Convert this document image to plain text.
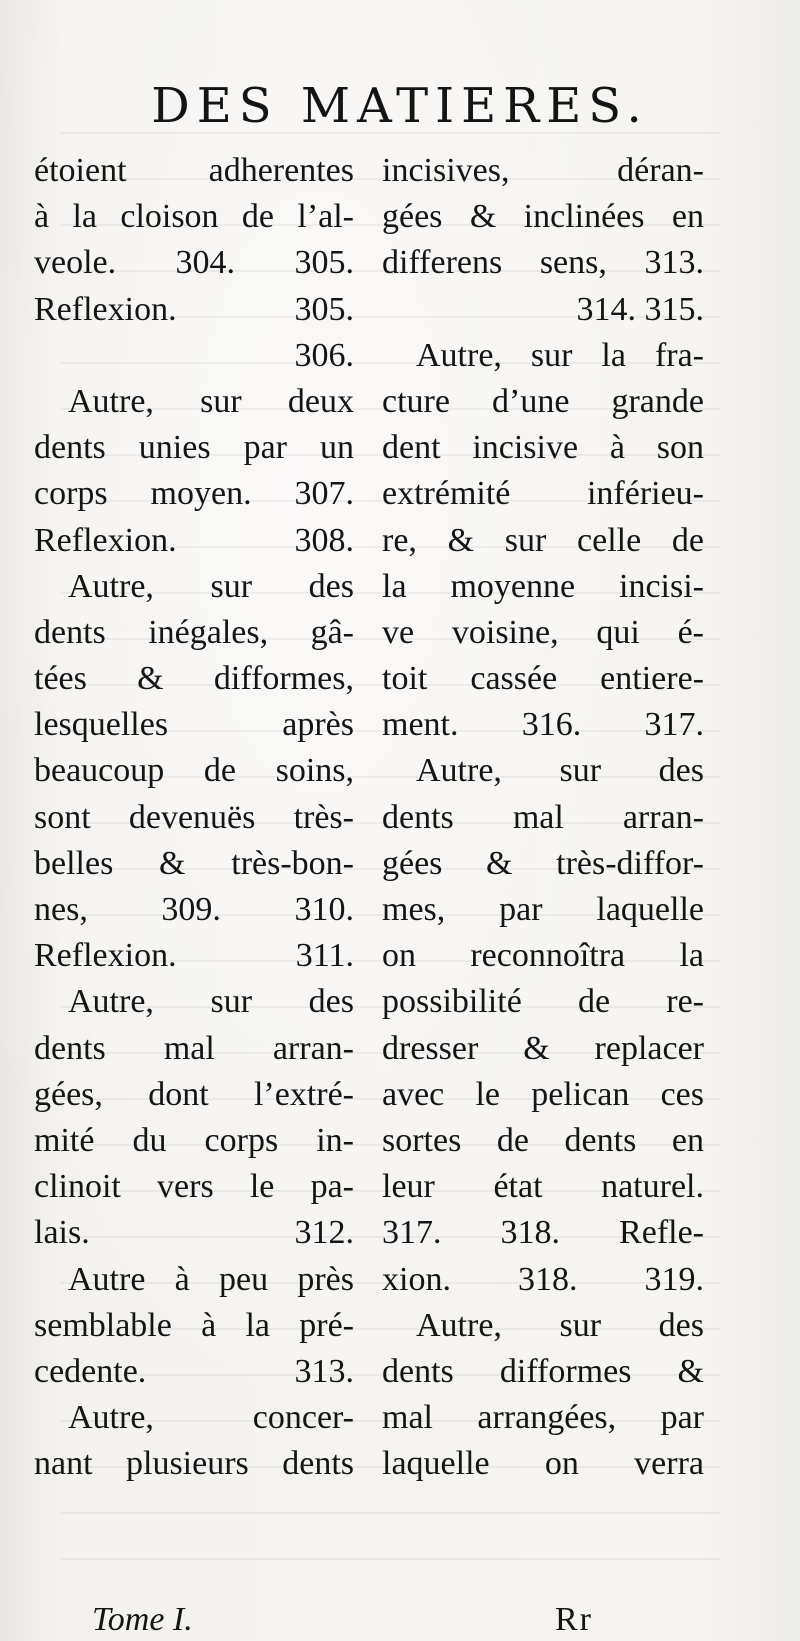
DES MATIERES.
étoient adherentes
à la cloison de l’al-
veole. 304. 305.
Reflexion. 305.
306.
Autre, sur deux
dents unies par un
corps moyen. 307.
Reflexion. 308.
Autre, sur des
dents inégales, gâ-
tées & difformes,
lesquelles après
beaucoup de soins,
sont devenuës très-
belles & très-bon-
nes, 309. 310.
Reflexion. 311.
Autre, sur des
dents mal arran-
gées, dont l’extré-
mité du corps in-
clinoit vers le pa-
lais. 312.
Autre à peu près
semblable à la pré-
cedente. 313.
Autre, concer-
nant plusieurs dents
incisives, déran-
gées & inclinées en
differens sens, 313.
314. 315.
Autre, sur la fra-
cture d’une grande
dent incisive à son
extrémité inférieu-
re, & sur celle de
la moyenne incisi-
ve voisine, qui é-
toit cassée entiere-
ment. 316. 317.
Autre, sur des
dents mal arran-
gées & très-diffor-
mes, par laquelle
on reconnoîtra la
possibilité de re-
dresser & replacer
avec le pelican ces
sortes de dents en
leur état naturel.
317. 318. Refle-
xion. 318. 319.
Autre, sur des
dents difformes &
mal arrangées, par
laquelle on verra
Tome I.	Rr
